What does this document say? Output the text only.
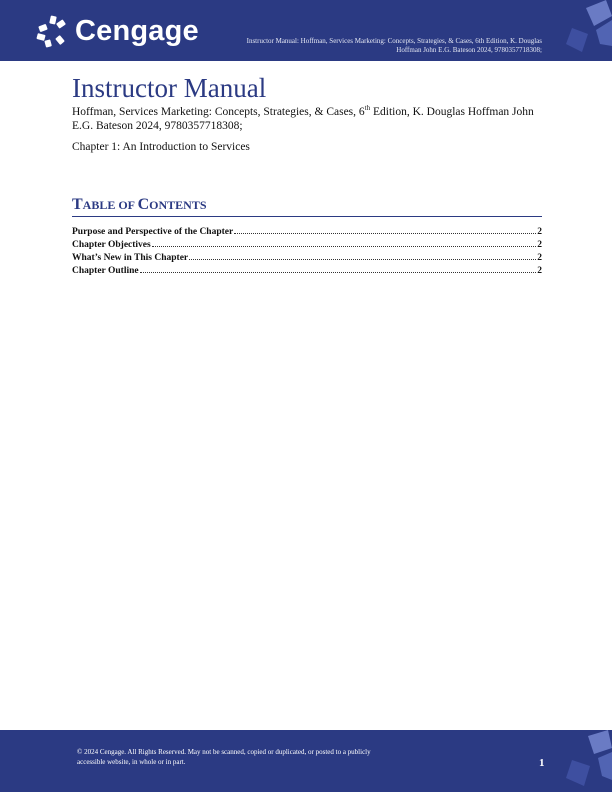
Cengage	Instructor Manual: Hoffman, Services Marketing: Concepts, Strategies, & Cases, 6th Edition, K. Douglas
Hoffman John E.G. Bateson 2024, 9780357718308;
Instructor Manual
Hoffman, Services Marketing: Concepts, Strategies, & Cases, 6th Edition, K. Douglas Hoffman John E.G. Bateson 2024, 9780357718308;
Chapter 1: An Introduction to Services
TABLE OF CONTENTS
Purpose and Perspective of the Chapter	2
Chapter Objectives	2
What’s New in This Chapter	2
Chapter Outline	2
© 2024 Cengage. All Rights Reserved. May not be scanned, copied or duplicated, or posted to a publicly
accessible website, in whole or in part.	1
